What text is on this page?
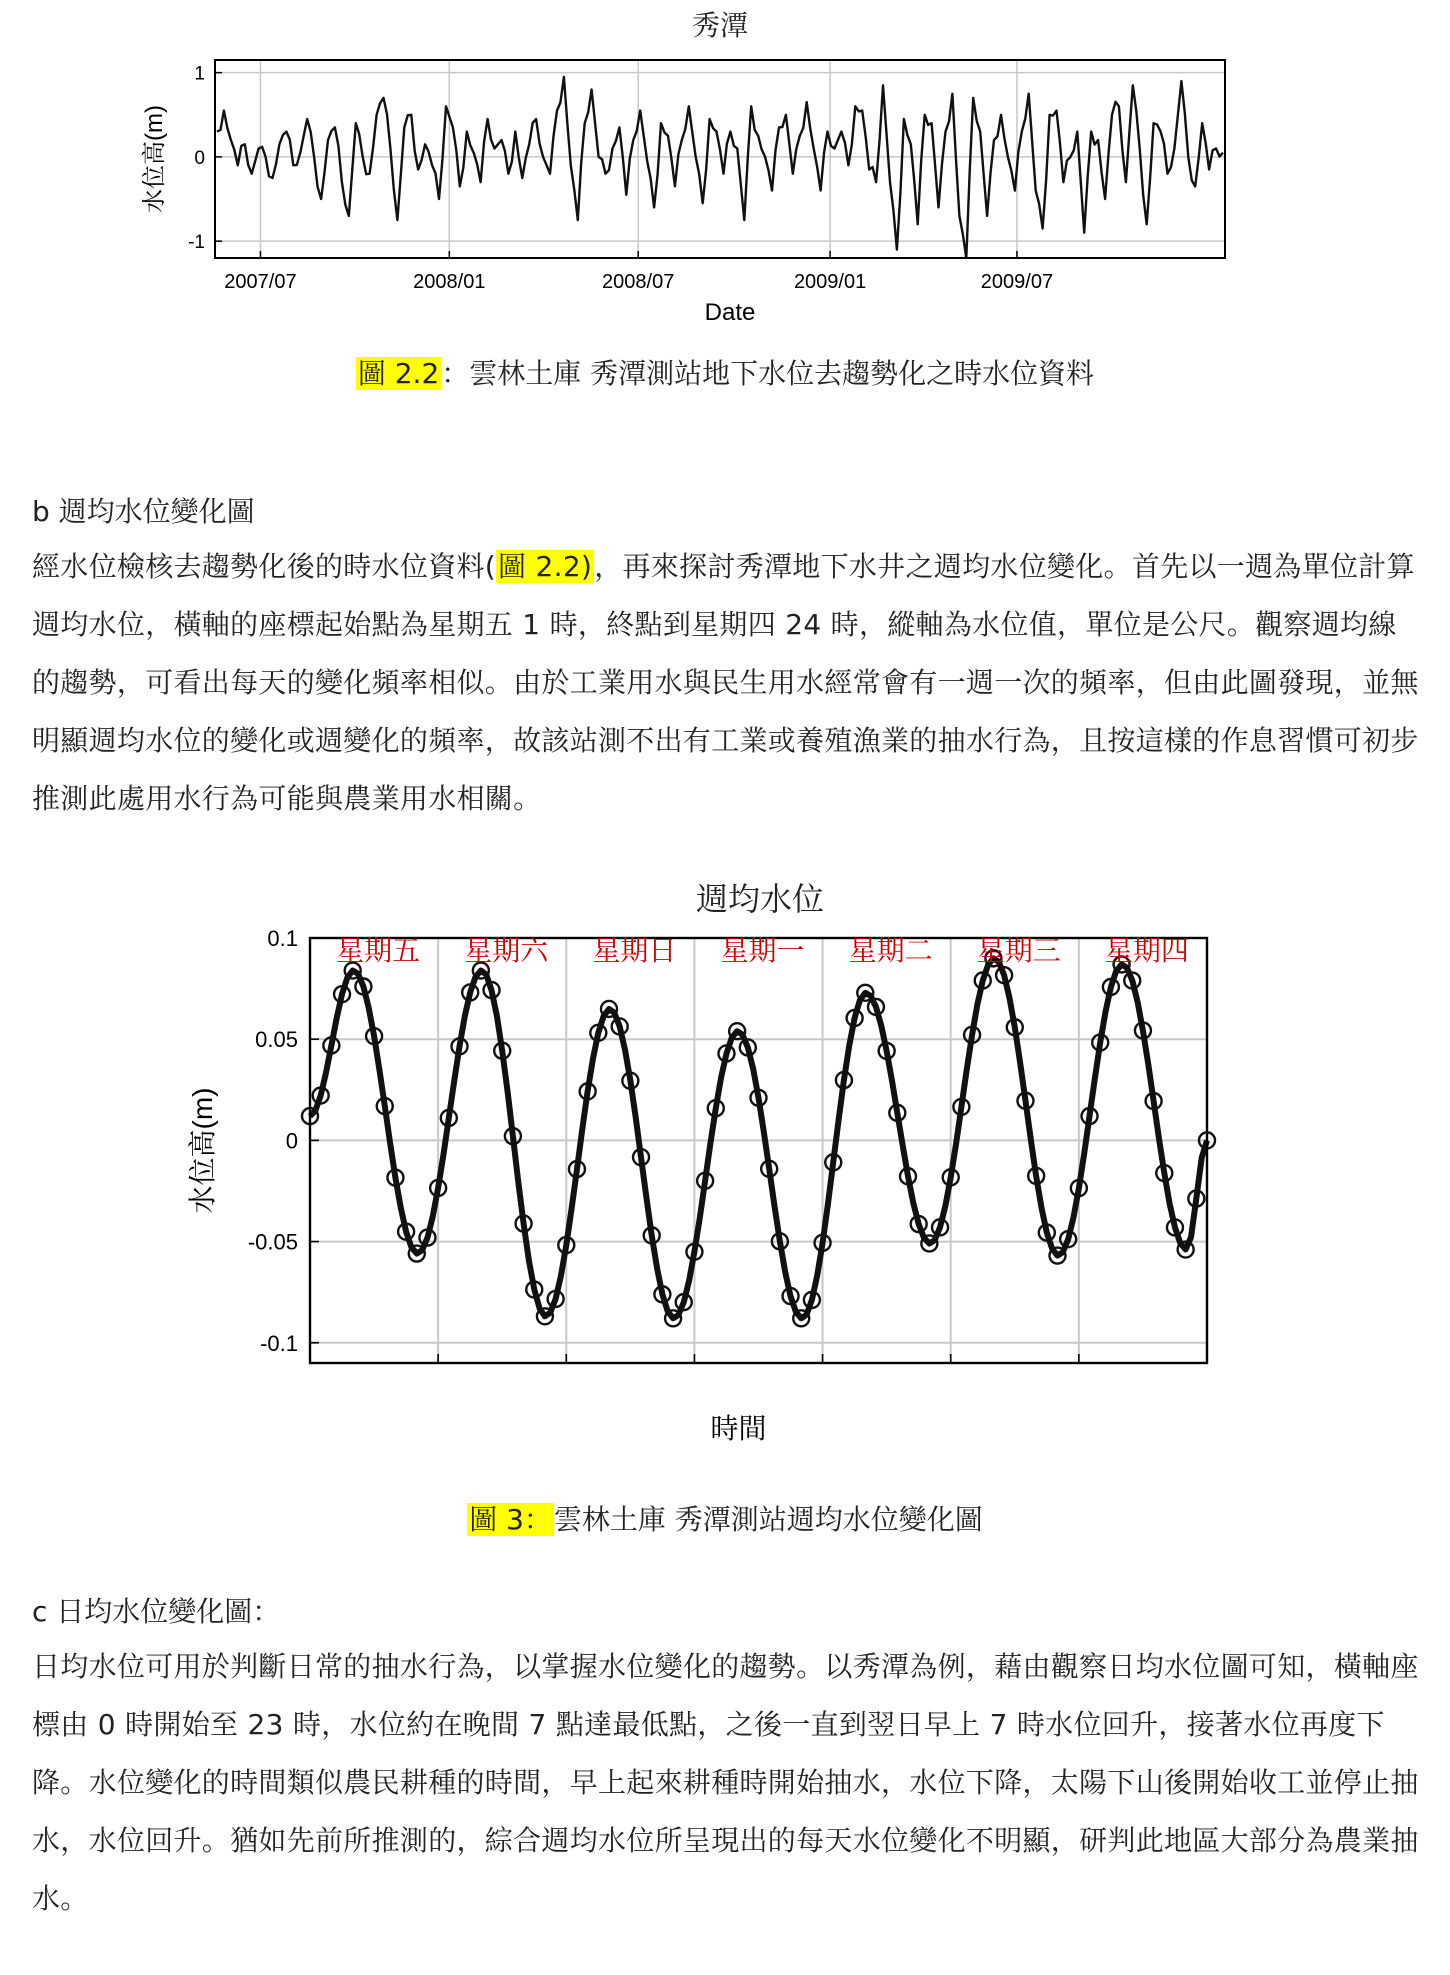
秀潭
-1
0
1
2007/07	2008/01	2008/07	2009/01	2009/07
Date
水位高(m)
圖 2.2：雲林土庫 秀潭測站地下水位去趨勢化之時水位資料
b 週均水位變化圖

經水位檢核去趨勢化後的時水位資料(圖 2.2)，再來探討秀潭地下水井之週均水位變化。首先以一週為單位計算週均水位，橫軸的座標起始點為星期五 1 時，終點到星期四 24 時，縱軸為水位值，單位是公尺。觀察週均線的趨勢，可看出每天的變化頻率相似。由於工業用水與民生用水經常會有一週一次的頻率，但由此圖發現，並無明顯週均水位的變化或週變化的頻率，故該站測不出有工業或養殖漁業的抽水行為，且按這樣的作息習慣可初步推測此處用水行為可能與農業用水相關。

週均水位
星期五 星期六 星期日 星期一 星期二 星期三 星期四
0.1
0.05
0
-0.05
-0.1
時間
水位高(m)
圖 3：雲林土庫 秀潭測站週均水位變化圖
c 日均水位變化圖：

日均水位可用於判斷日常的抽水行為，以掌握水位變化的趨勢。以秀潭為例，藉由觀察日均水位圖可知，橫軸座標由 0 時開始至 23 時，水位約在晚間 7 點達最低點，之後一直到翌日早上 7 時水位回升，接著水位再度下降。水位變化的時間類似農民耕種的時間，早上起來耕種時開始抽水，水位下降，太陽下山後開始收工並停止抽水，水位回升。猶如先前所推測的，綜合週均水位所呈現出的每天水位變化不明顯，研判此地區大部分為農業抽水。
